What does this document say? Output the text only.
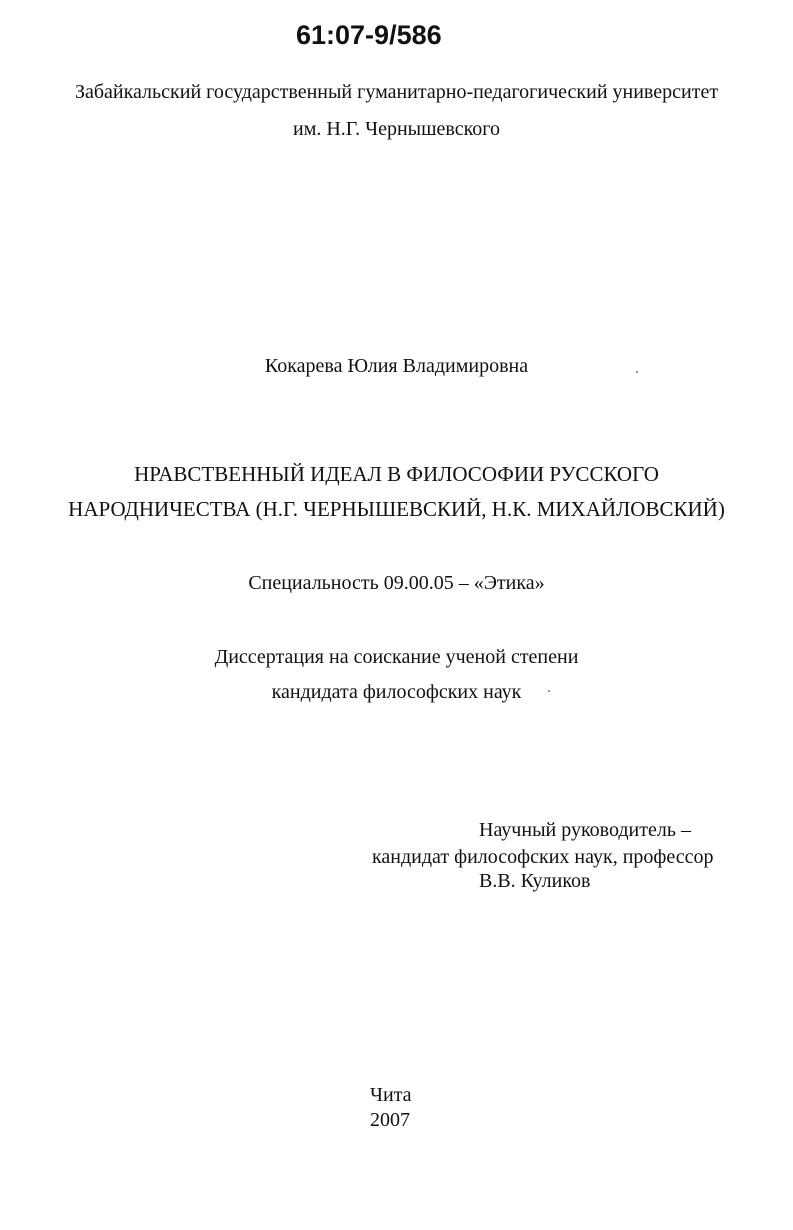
61:07-9/586
Забайкальский государственный гуманитарно-педагогический университет
им. Н.Г. Чернышевского
Кокарева Юлия Владимировна
НРАВСТВЕННЫЙ ИДЕАЛ В ФИЛОСОФИИ РУССКОГО
НАРОДНИЧЕСТВА (Н.Г. ЧЕРНЫШЕВСКИЙ, Н.К. МИХАЙЛОВСКИЙ)
Специальность 09.00.05 – «Этика»
Диссертация на соискание ученой степени
кандидата философских наук
Научный руководитель –
кандидат философских наук, профессор
В.В. Куликов
Чита
2007
